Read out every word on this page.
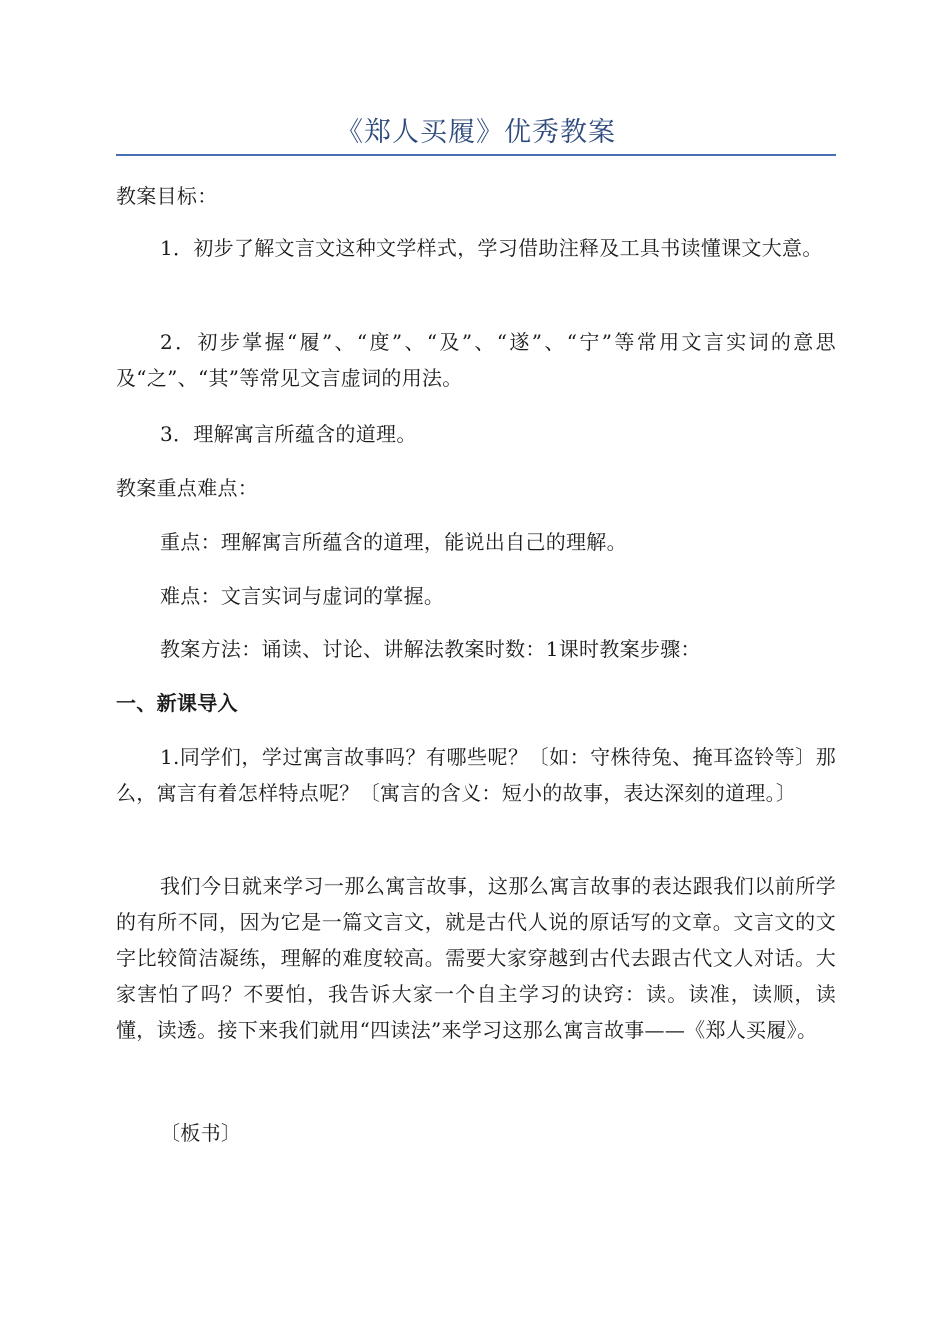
《郑人买履》优秀教案

教案目标：

1．初步了解文言文这种文学样式，学习借助注释及工具书读懂课文大意。

2．初步掌握“履”、“度”、“及”、“遂”、“宁”等常用文言实词的意思及“之”、“其”等常见文言虚词的用法。

3．理解寓言所蕴含的道理。

教案重点难点：

重点：理解寓言所蕴含的道理，能说出自己的理解。

难点：文言实词与虚词的掌握。

教案方法：诵读、讨论、讲解法教案时数：1课时教案步骤：

一、新课导入

1.同学们，学过寓言故事吗？有哪些呢？〔如：守株待兔、掩耳盗铃等〕那么，寓言有着怎样特点呢？〔寓言的含义：短小的故事，表达深刻的道理。〕

我们今日就来学习一那么寓言故事，这那么寓言故事的表达跟我们以前所学的有所不同，因为它是一篇文言文，就是古代人说的原话写的文章。文言文的文字比较简洁凝练，理解的难度较高。需要大家穿越到古代去跟古代文人对话。大家害怕了吗？不要怕，我告诉大家一个自主学习的诀窍：读。读准，读顺，读懂，读透。接下来我们就用“四读法”来学习这那么寓言故事——《郑人买履》。

〔板书〕
